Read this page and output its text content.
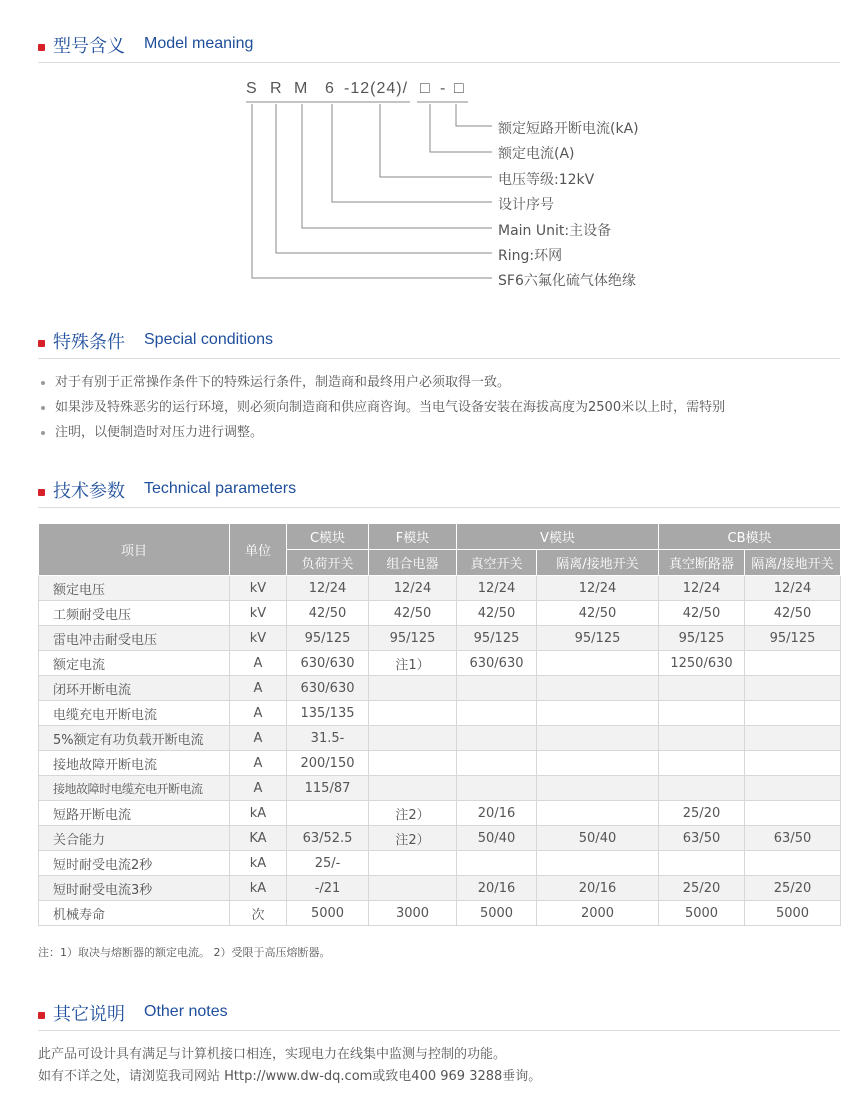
型号含义 Model meaning
S R M 6 -12(24)/ □ - □
额定短路开断电流(kA)
额定电流(A)
电压等级:12kV
设计序号
Main Unit:主设备
Ring:环网
SF6六氟化硫气体绝缘
特殊条件 Special conditions
对于有别于正常操作条件下的特殊运行条件，制造商和最终用户必须取得一致。
如果涉及特殊恶劣的运行环境，则必须向制造商和供应商咨询。当电气设备安装在海拔高度为2500米以上时，需特别
注明，以便制造时对压力进行调整。
技术参数 Technical parameters
项目	单位	C模块	F模块	V模块		CB模块	
		负荷开关	组合电器	真空开关	隔离/接地开关	真空断路器	隔离/接地开关
额定电压	kV	12/24	12/24	12/24	12/24	12/24	12/24
工频耐受电压	kV	42/50	42/50	42/50	42/50	42/50	42/50
雷电冲击耐受电压	kV	95/125	95/125	95/125	95/125	95/125	95/125
额定电流	A	630/630	注1）	630/630		1250/630	
闭环开断电流	A	630/630					
电缆充电开断电流	A	135/135					
5%额定有功负载开断电流	A	31.5-					
接地故障开断电流	A	200/150					
接地故障时电缆充电开断电流	A	115/87					
短路开断电流	kA		注2）	20/16		25/20	
关合能力	KA	63/52.5	注2）	50/40	50/40	63/50	63/50
短时耐受电流2秒	kA	25/-					
短时耐受电流3秒	kA	-/21		20/16	20/16	25/20	25/20
机械寿命	次	5000	3000	5000	2000	5000	5000
注：1）取决与熔断器的额定电流。 2）受限于高压熔断器。
其它说明 Other notes
此产品可设计具有满足与计算机接口相连，实现电力在线集中监测与控制的功能。
如有不详之处，请浏览我司网站 Http://www.dw-dq.com或致电400 969 3288垂询。
